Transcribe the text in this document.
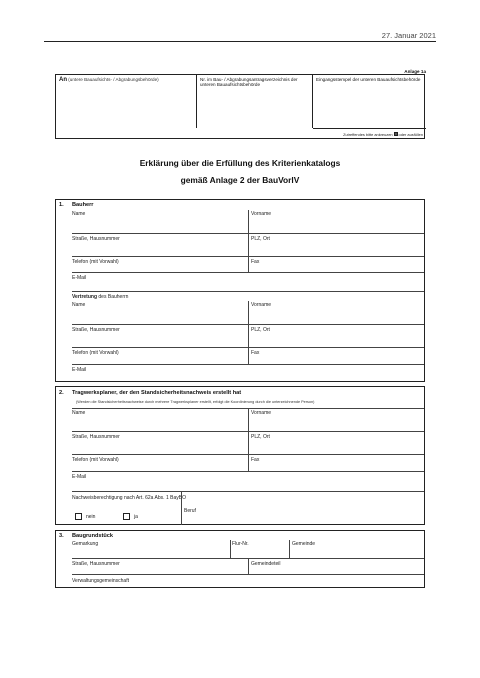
27. Januar 2021
Anlage 1a
An (untere Bauaufsichts- / Abgrabungsbehörde)	Nr. im Bau- / Abgrabungsantragsverzeichnis der unteren Bauaufsichtsbehörde
Eingangsstempel der unteren Bauaufsichtsbehörde
Zutreffendes bitte ankreuzen oder ausfüllen
Erklärung über die Erfüllung des Kriterienkatalogs
gemäß Anlage 2 der BauVorlV
1. Bauherr
Name	Vorname
Straße, Hausnummer	PLZ, Ort
Telefon (mit Vorwahl)	Fax
E-Mail
Vertretung des Bauherrn
Name	Vorname
Straße, Hausnummer	PLZ, Ort
Telefon (mit Vorwahl)	Fax
E-Mail
2. Tragwerksplaner, der den Standsicherheitsnachweis erstellt hat
(Werden die Standsicherheitsnachweise durch mehrere Tragwerksplaner erstellt, erfolgt die Koordinierung durch die unterzeichnende Person)
Name	Vorname
Straße, Hausnummer	PLZ, Ort
Telefon (mit Vorwahl)	Fax
E-Mail
Nachweisberechtigung nach Art. 62a Abs. 1 BayBO
nein	ja
Beruf
3. Baugrundstück
Gemarkung	Flur-Nr.	Gemeinde
Straße, Hausnummer	Gemeindeteil
Verwaltungsgemeinschaft
